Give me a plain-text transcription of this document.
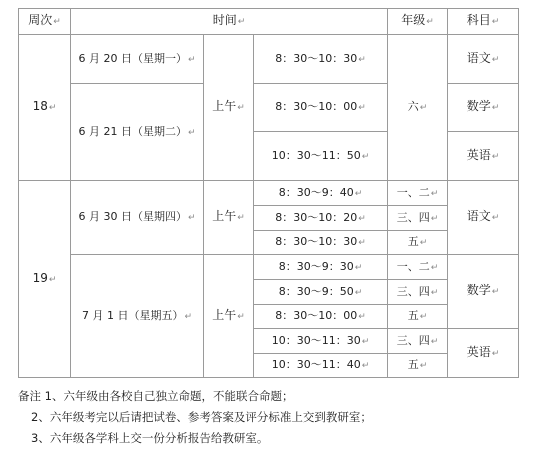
周次↵	时间↵			年级↵	科目↵
18↵	6 月 20 日（星期一）↵	上午↵	8：30～10：30↵	六↵	语文↵
	6 月 21 日（星期二）↵		8：30～10：00↵		数学↵
			10：30～11：50↵		英语↵
19↵	6 月 30 日（星期四）↵	上午↵	8：30～9：40↵	一、二↵	语文↵
			8：30～10：20↵	三、四↵	
			8：30～10：30↵	五↵	
	7 月 1 日（星期五）↵	上午↵	8：30～9：30↵	一、二↵	数学↵
			8：30～9：50↵	三、四↵	
			8：30～10：00↵	五↵	
			10：30～11：30↵	三、四↵	英语↵
			10：30～11：40↵	五↵	
备注 1、六年级由各校自己独立命题，不能联合命题；
2、六年级考完以后请把试卷、参考答案及评分标准上交到教研室；
3、六年级各学科上交一份分析报告给教研室。
